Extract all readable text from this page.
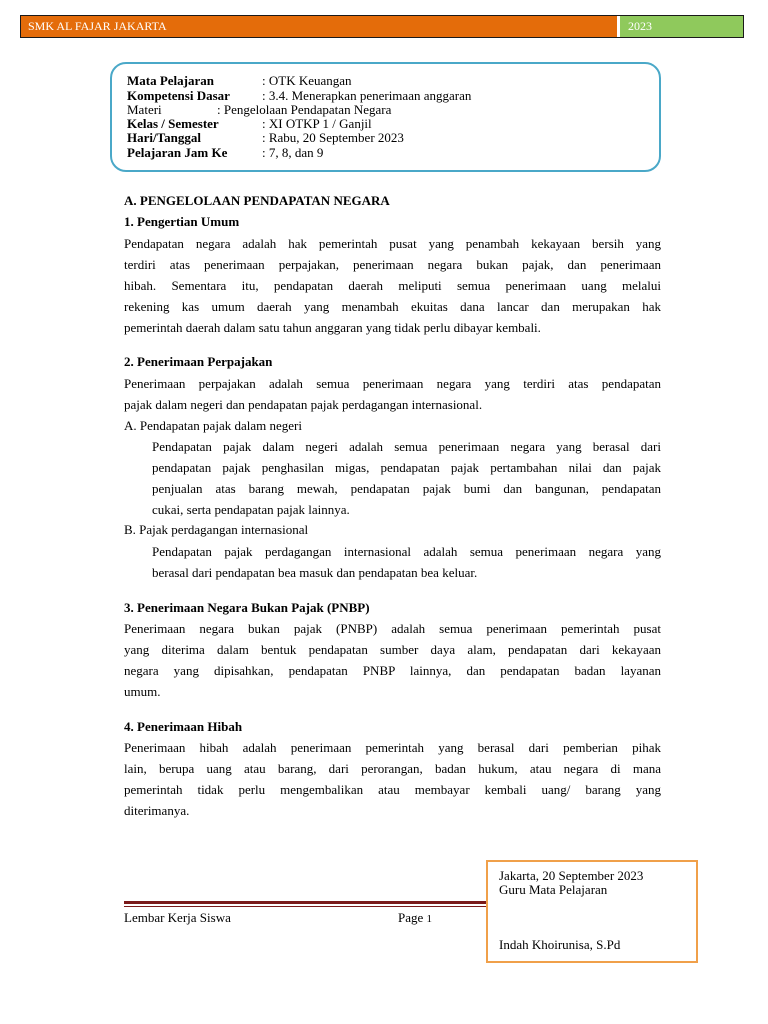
SMK AL FAJAR JAKARTA	2023
Mata Pelajaran	: OTK Keuangan
Kompetensi Dasar : 3.4. Menerapkan penerimaan anggaran
Materi	: Pengelolaan Pendapatan Negara
Kelas / Semester	: XI OTKP 1 / Ganjil
Hari/Tanggal	: Rabu, 20 September 2023
Pelajaran Jam Ke	: 7, 8, dan 9
A. PENGELOLAAN PENDAPATAN NEGARA
1. Pengertian Umum
Pendapatan negara adalah hak pemerintah pusat yang penambah kekayaan bersih yang
terdiri atas penerimaan perpajakan, penerimaan negara bukan pajak, dan penerimaan
hibah. Sementara itu, pendapatan daerah meliputi semua penerimaan uang melalui
rekening kas umum daerah yang menambah ekuitas dana lancar dan merupakan hak
pemerintah daerah dalam satu tahun anggaran yang tidak perlu dibayar kembali.
2. Penerimaan Perpajakan
Penerimaan perpajakan adalah semua penerimaan negara yang terdiri atas pendapatan
pajak dalam negeri dan pendapatan pajak perdagangan internasional.
A. Pendapatan pajak dalam negeri
Pendapatan pajak dalam negeri adalah semua penerimaan negara yang berasal dari
pendapatan pajak penghasilan migas, pendapatan pajak pertambahan nilai dan pajak
penjualan atas barang mewah, pendapatan pajak bumi dan bangunan, pendapatan
cukai, serta pendapatan pajak lainnya.
B. Pajak perdagangan internasional
Pendapatan pajak perdagangan internasional adalah semua penerimaan negara yang
berasal dari pendapatan bea masuk dan pendapatan bea keluar.
3. Penerimaan Negara Bukan Pajak (PNBP)
Penerimaan negara bukan pajak (PNBP) adalah semua penerimaan pemerintah pusat
yang diterima dalam bentuk pendapatan sumber daya alam, pendapatan dari kekayaan
negara yang dipisahkan, pendapatan PNBP lainnya, dan pendapatan badan layanan
umum.
4. Penerimaan Hibah
Penerimaan hibah adalah penerimaan pemerintah yang berasal dari pemberian pihak
lain, berupa uang atau barang, dari perorangan, badan hukum, atau negara di mana
pemerintah tidak perlu mengembalikan atau membayar kembali uang/ barang yang
diterimanya.
Lembar Kerja Siswa	Page 1
Jakarta, 20 September 2023
Guru Mata Pelajaran
Indah Khoirunisa, S.Pd
